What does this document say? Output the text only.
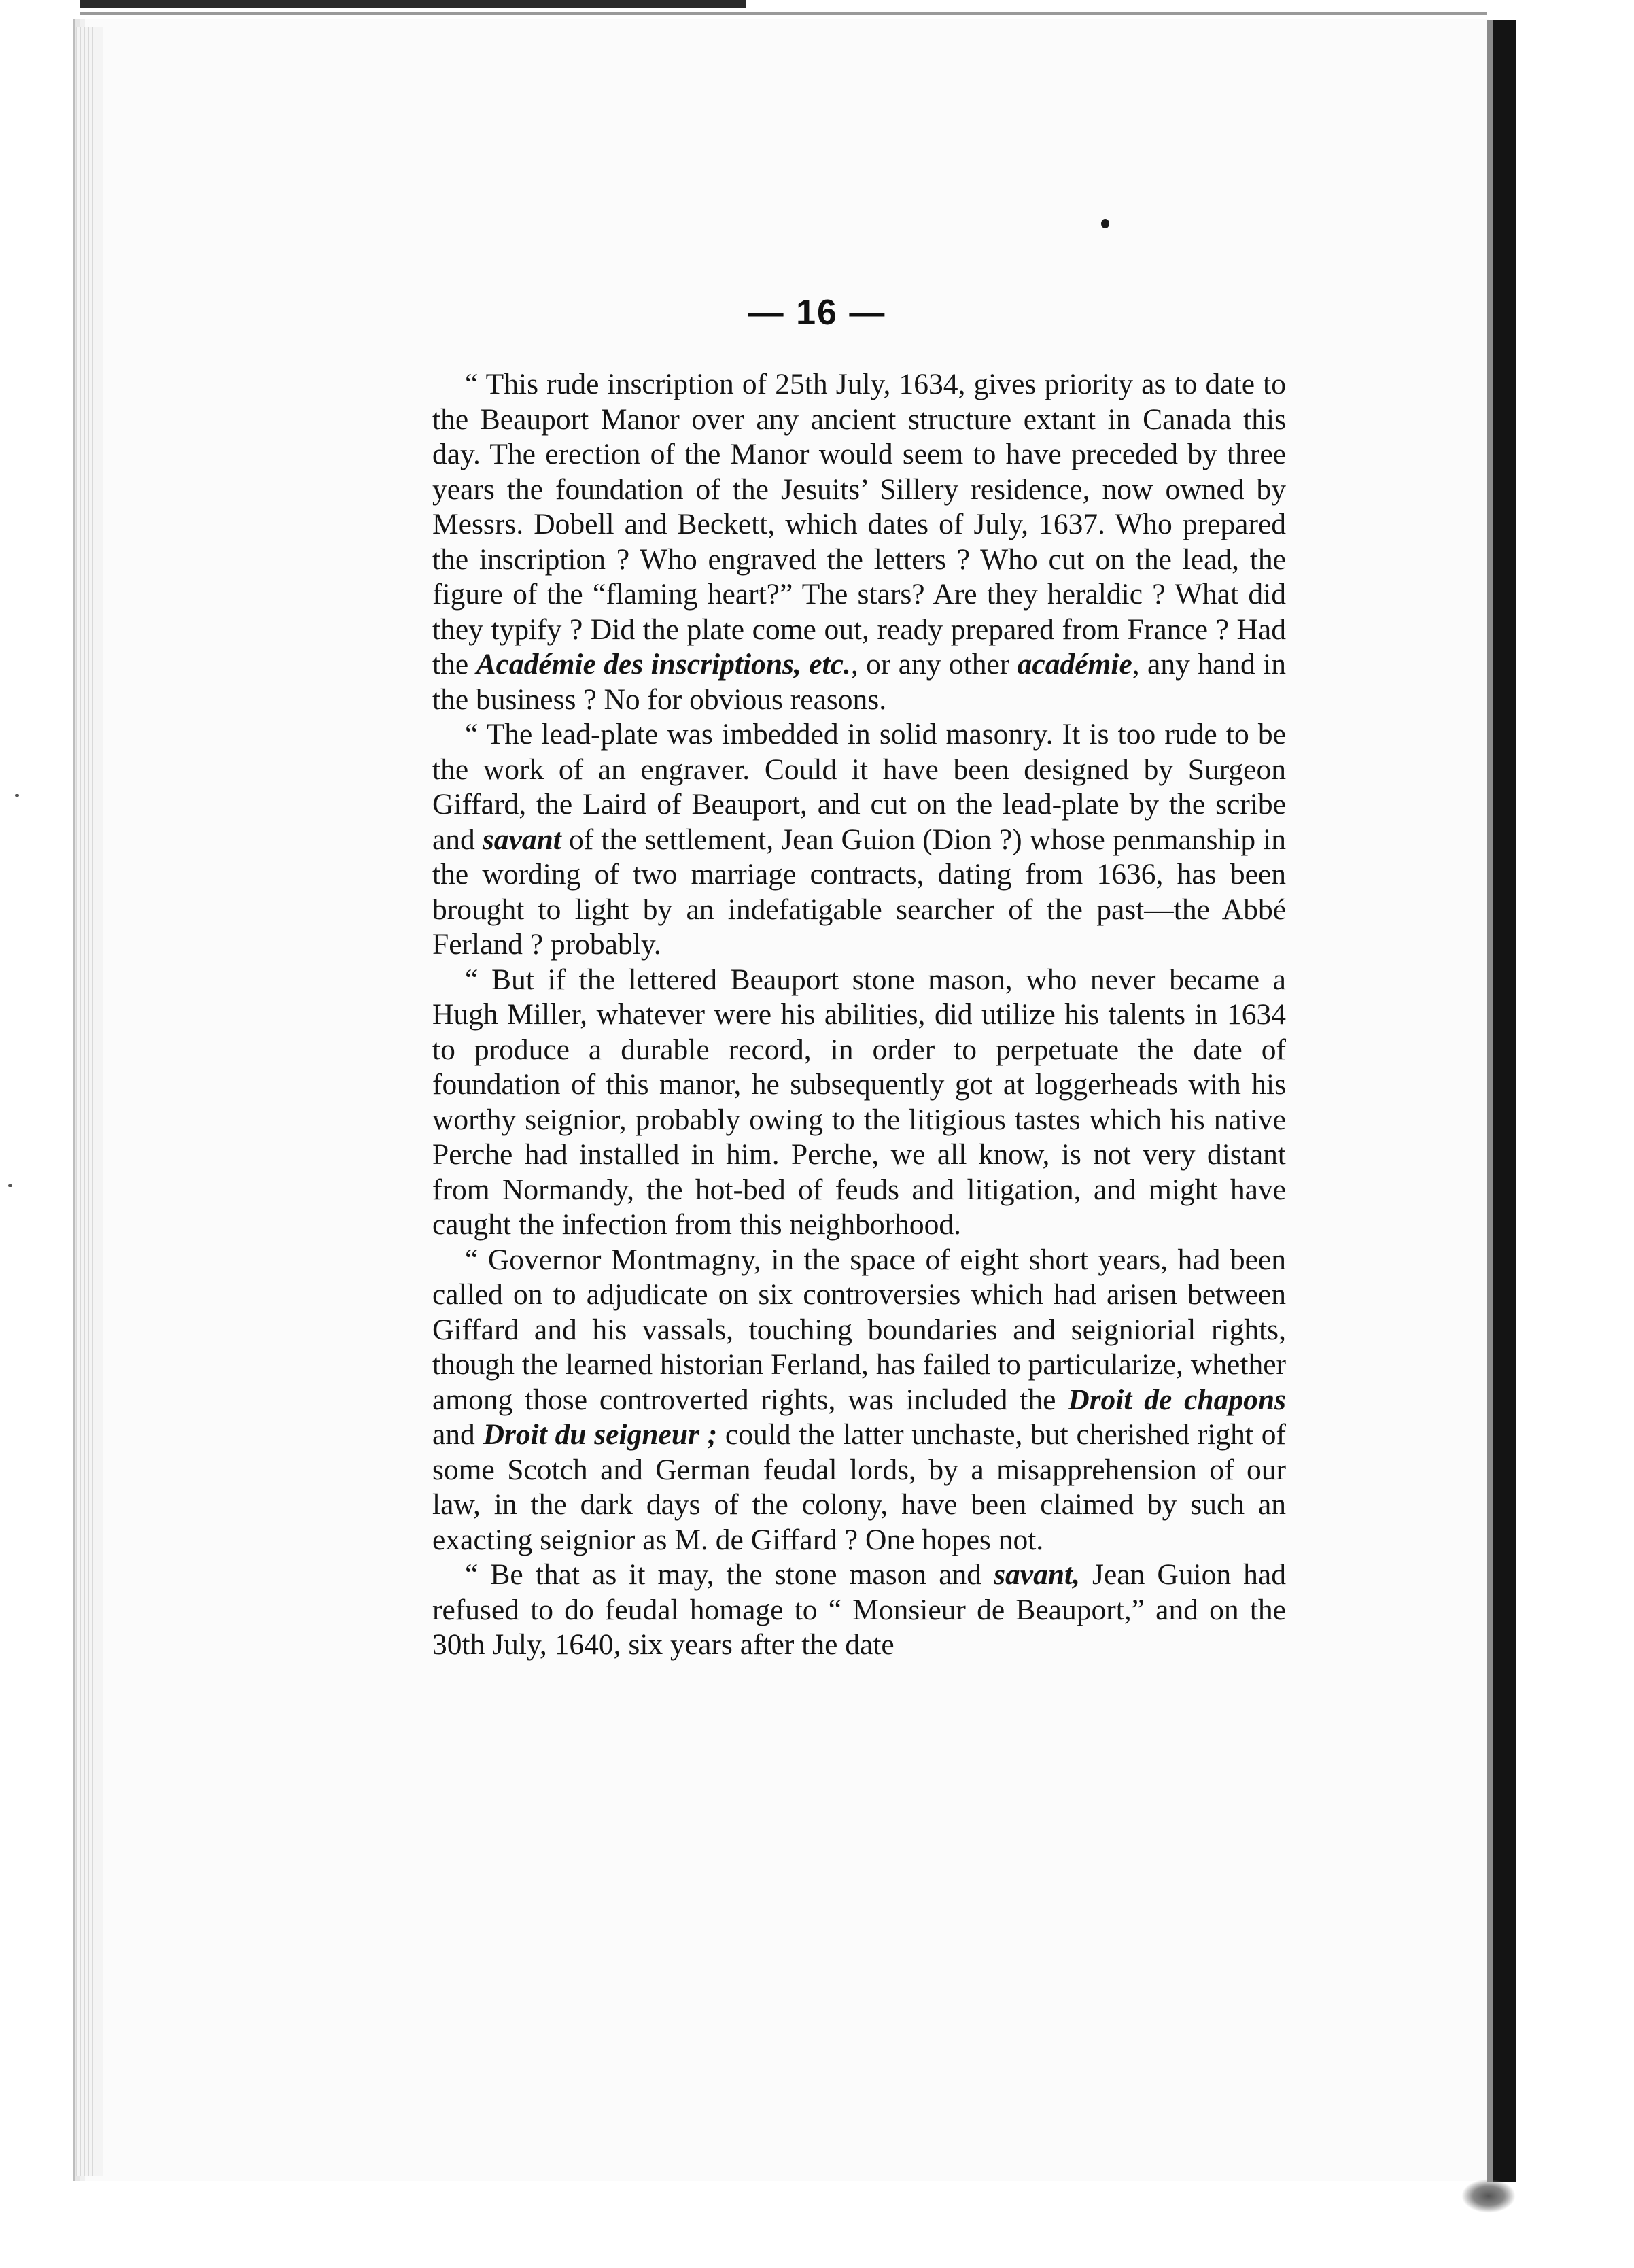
— 16 —

“ This rude inscription of 25th July, 1634, gives priority as to date to the Beauport Manor over any ancient structure extant in Canada this day. The erection of the Manor would seem to have preceded by three years the foundation of the Jesuits’ Sillery residence, now owned by Messrs. Dobell and Beckett, which dates of July, 1637. Who prepared the inscription ? Who engraved the letters ? Who cut on the lead, the figure of the “flaming heart?” The stars? Are they heraldic ? What did they typify ? Did the plate come out, ready prepared from France ? Had the Académie des inscriptions, etc., or any other académie, any hand in the business ? No for obvious reasons.

“ The lead-plate was imbedded in solid masonry. It is too rude to be the work of an engraver. Could it have been designed by Surgeon Giffard, the Laird of Beauport, and cut on the lead-plate by the scribe and savant of the settlement, Jean Guion (Dion ?) whose penmanship in the wording of two marriage contracts, dating from 1636, has been brought to light by an indefatigable searcher of the past—the Abbé Ferland ? probably.

“ But if the lettered Beauport stone mason, who never became a Hugh Miller, whatever were his abilities, did utilize his talents in 1634 to produce a durable record, in order to perpetuate the date of foundation of this manor, he subsequently got at loggerheads with his worthy seignior, probably owing to the litigious tastes which his native Perche had installed in him. Perche, we all know, is not very distant from Normandy, the hot-bed of feuds and litigation, and might have caught the infection from this neighborhood.

“ Governor Montmagny, in the space of eight short years, had been called on to adjudicate on six controversies which had arisen between Giffard and his vassals, touching boundaries and seigniorial rights, though the learned historian Ferland, has failed to particularize, whether among those controverted rights, was included the Droit de chapons and Droit du seigneur ; could the latter unchaste, but cherished right of some Scotch and German feudal lords, by a misapprehension of our law, in the dark days of the colony, have been claimed by such an exacting seignior as M. de Giffard ? One hopes not.

“ Be that as it may, the stone mason and savant, Jean Guion had refused to do feudal homage to “ Monsieur de Beauport,” and on the 30th July, 1640, six years after the date
